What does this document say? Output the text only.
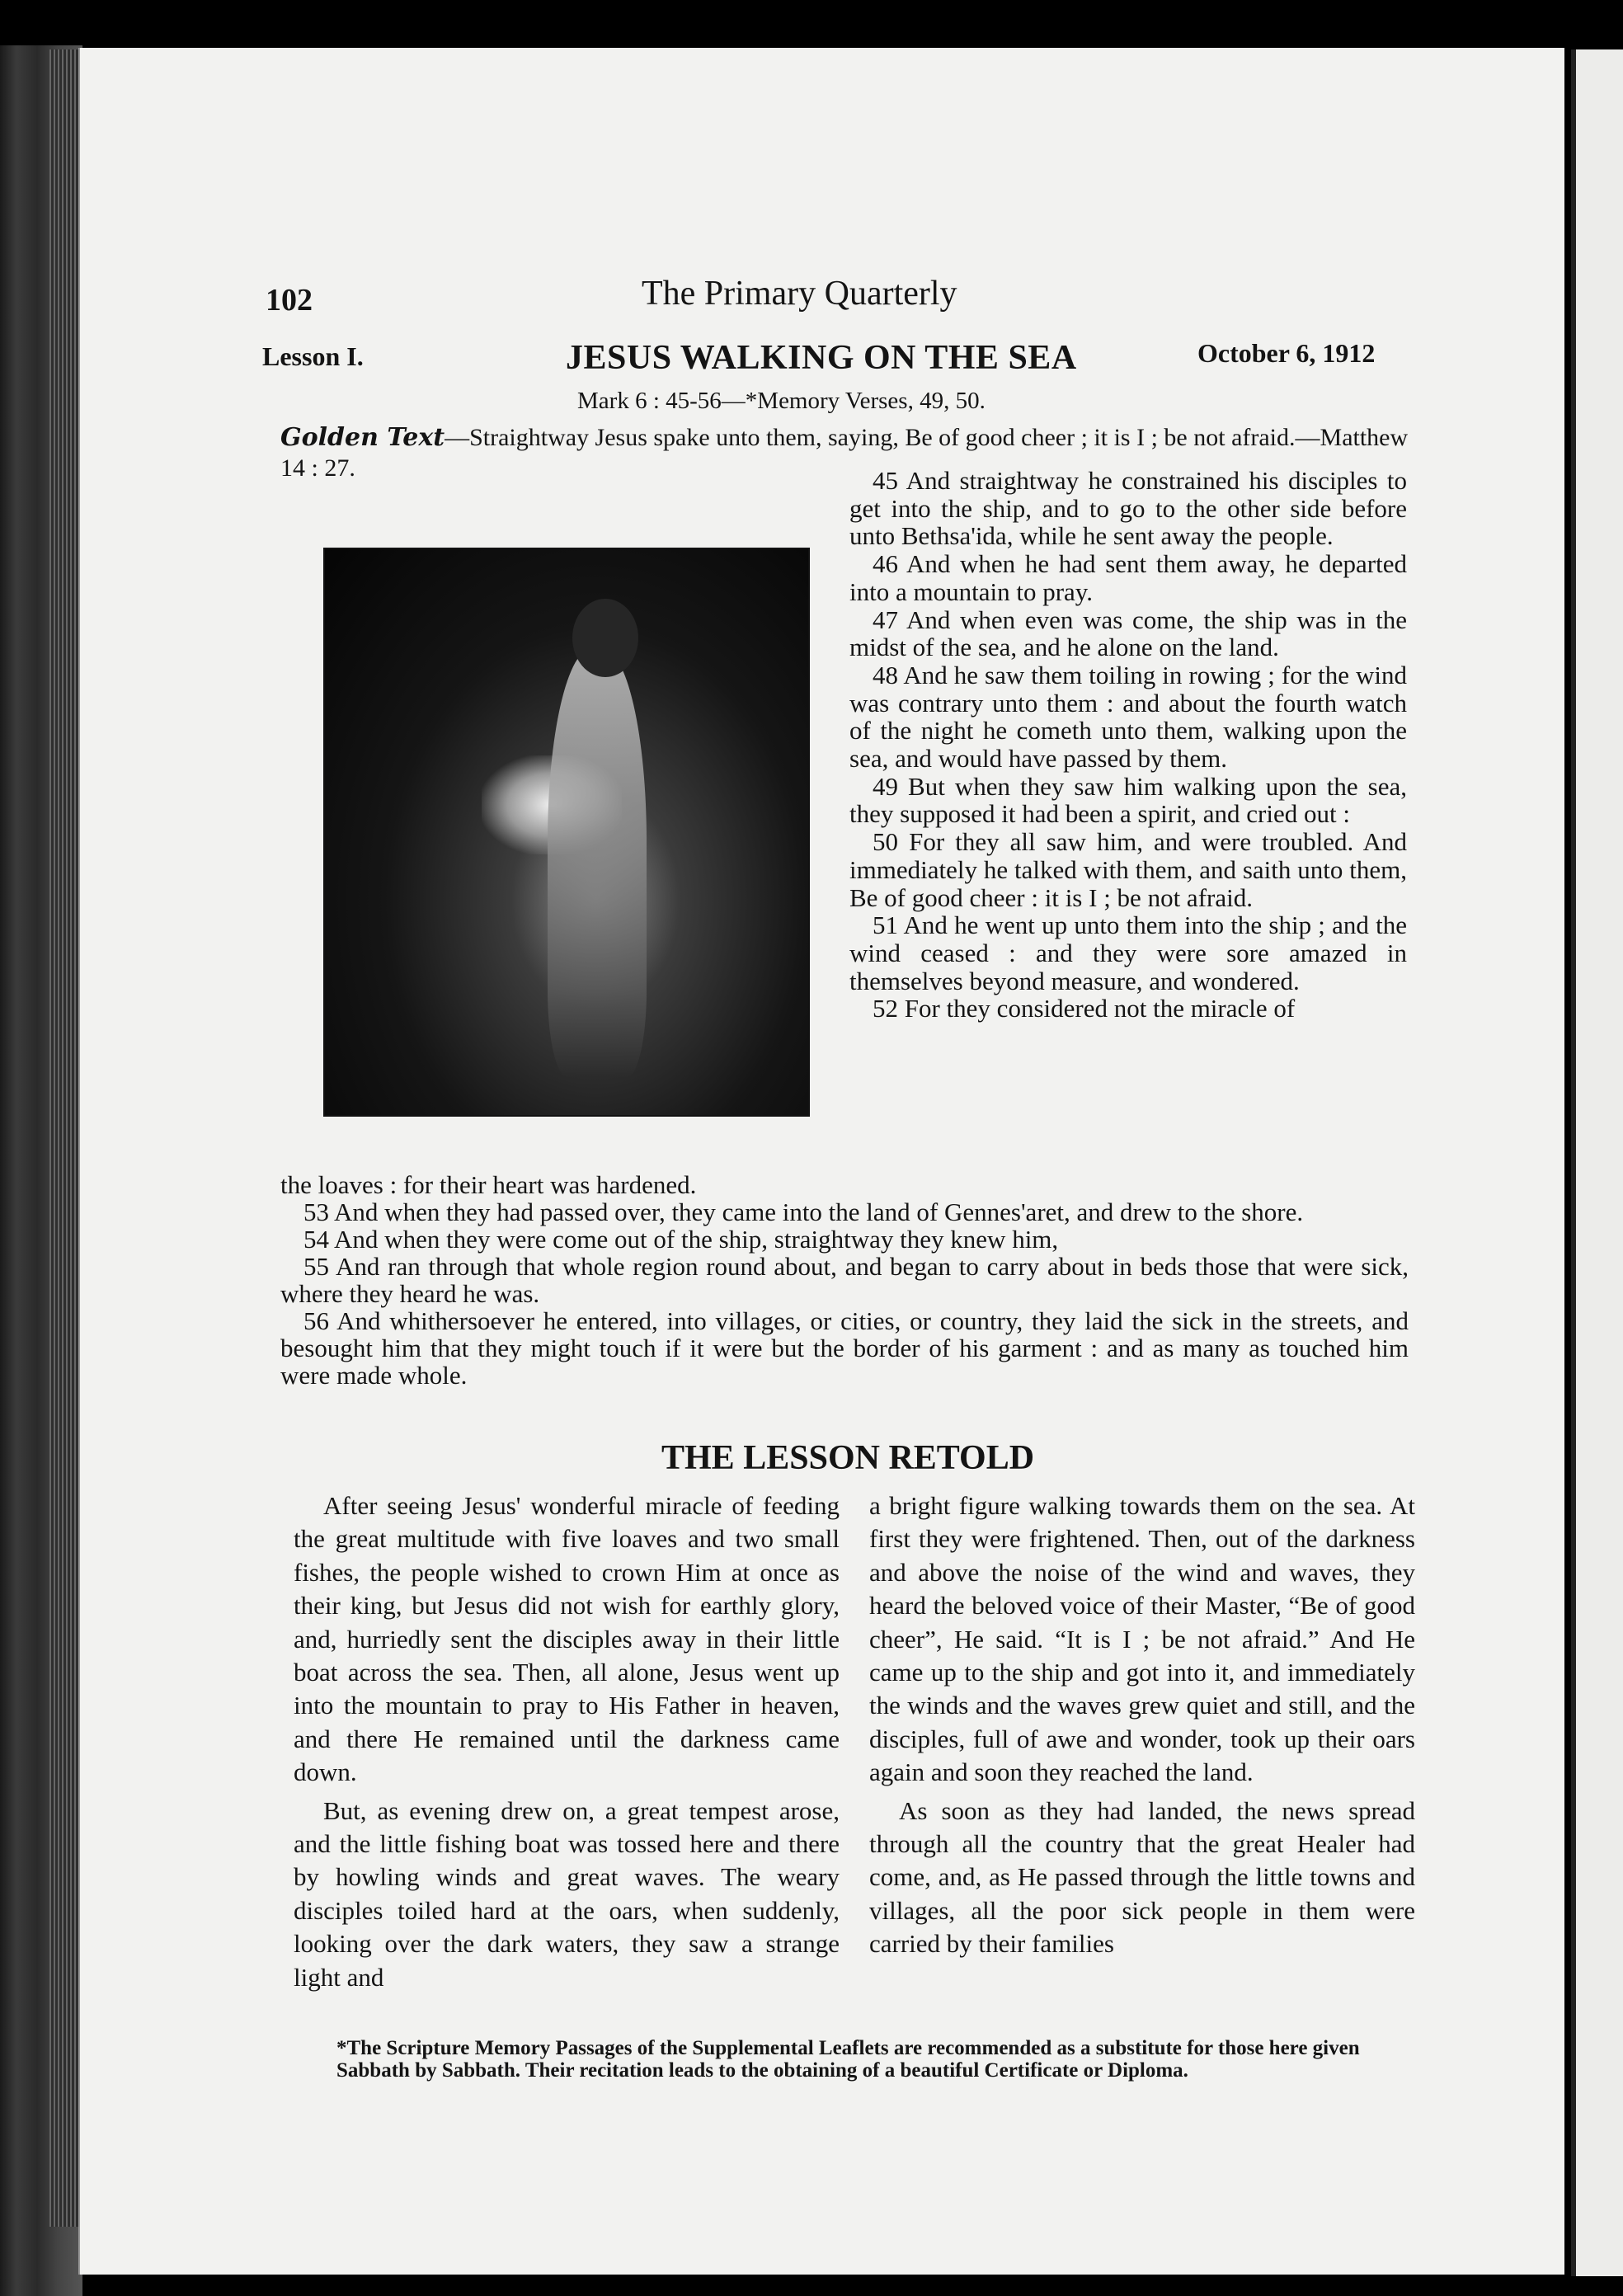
102	The Primary Quarterly
Lesson I.	JESUS WALKING ON THE SEA	October 6, 1912
Mark 6 : 45-56—*Memory Verses, 49, 50.
Golden Text—Straightway Jesus spake unto them, saying, Be of good cheer ; it is I ; be not afraid.—Matthew 14 : 27.	45 And straightway he constrained his disciples to get into the ship, and to go to the other side before unto Bethsa'ida, while he sent away the people.

46 And when he had sent them away, he departed into a mountain to pray.

47 And when even was come, the ship was in the midst of the sea, and he alone on the land.

48 And he saw them toiling in rowing ; for the wind was contrary unto them : and about the fourth watch of the night he cometh unto them, walking upon the sea, and would have passed by them.

49 But when they saw him walking upon the sea, they supposed it had been a spirit, and cried out :

50 For they all saw him, and were troubled. And immediately he talked with them, and saith unto them, Be of good cheer : it is I ; be not afraid.

51 And he went up unto them into the ship ; and the wind ceased : and they were sore amazed in themselves beyond measure, and wondered.

52 For they considered not the miracle of

the loaves : for their heart was hardened.

53 And when they had passed over, they came into the land of Gennes'aret, and drew to the shore.

54 And when they were come out of the ship, straightway they knew him,

55 And ran through that whole region round about, and began to carry about in beds those that were sick, where they heard he was.

56 And whithersoever he entered, into villages, or cities, or country, they laid the sick in the streets, and besought him that they might touch if it were but the border of his garment : and as many as touched him were made whole.

THE LESSON RETOLD

After seeing Jesus' wonderful miracle of feeding the great multitude with five loaves and two small fishes, the people wished to crown Him at once as their king, but Jesus did not wish for earthly glory, and, hurriedly sent the disciples away in their little boat across the sea. Then, all alone, Jesus went up into the mountain to pray to His Father in heaven, and there He remained until the darkness came down.

But, as evening drew on, a great tempest arose, and the little fishing boat was tossed here and there by howling winds and great waves. The weary disciples toiled hard at the oars, when suddenly, looking over the dark waters, they saw a strange light and

a bright figure walking towards them on the sea. At first they were frightened. Then, out of the darkness and above the noise of the wind and waves, they heard the beloved voice of their Master, “Be of good cheer”, He said. “It is I ; be not afraid.” And He came up to the ship and got into it, and immediately the winds and the waves grew quiet and still, and the disciples, full of awe and wonder, took up their oars again and soon they reached the land.

As soon as they had landed, the news spread through all the country that the great Healer had come, and, as He passed through the little towns and villages, all the poor sick people in them were carried by their families

*The Scripture Memory Passages of the Supplemental Leaflets are recommended as a substitute for those here given Sabbath by Sabbath. Their recitation leads to the obtaining of a beautiful Certificate or Diploma.
